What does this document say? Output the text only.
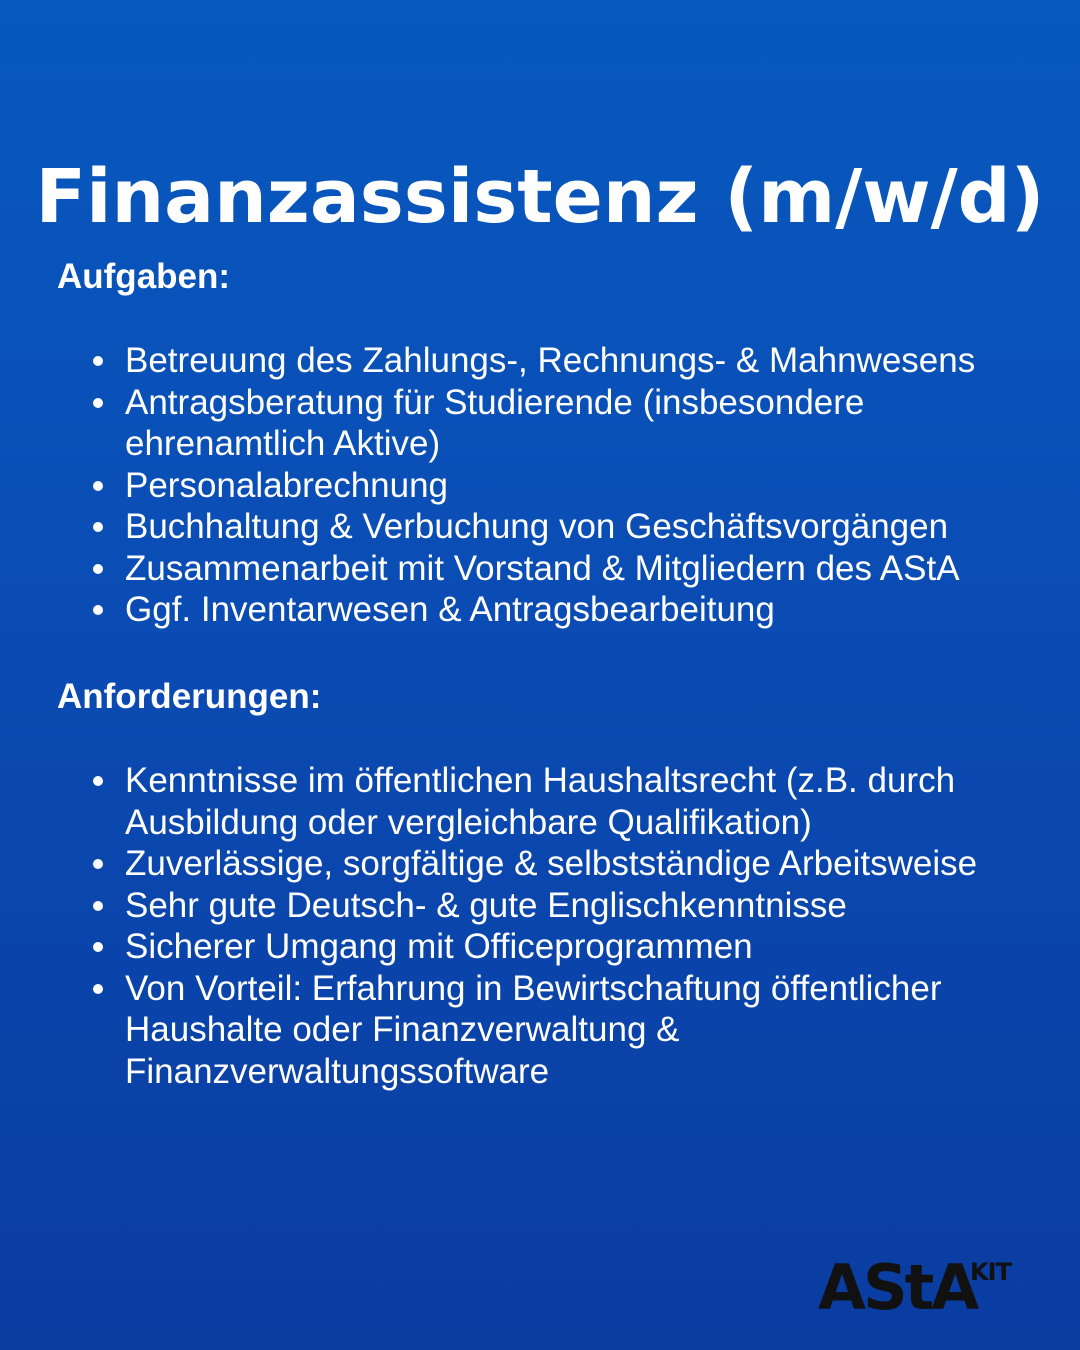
Finanzassistenz (m/w/d)
Aufgaben:
Betreuung des Zahlungs-, Rechnungs- & Mahnwesens
Antragsberatung für Studierende (insbesondere ehrenamtlich Aktive)
Personalabrechnung
Buchhaltung & Verbuchung von Geschäftsvorgängen
Zusammenarbeit mit Vorstand & Mitgliedern des AStA
Ggf. Inventarwesen & Antragsbearbeitung
Anforderungen:
Kenntnisse im öffentlichen Haushaltsrecht (z.B. durch Ausbildung oder vergleichbare Qualifikation)
Zuverlässige, sorgfältige & selbstständige Arbeitsweise
Sehr gute Deutsch- & gute Englischkenntnisse
Sicherer Umgang mit Officeprogrammen
Von Vorteil: Erfahrung in Bewirtschaftung öffentlicher Haushalte oder Finanzverwaltung & Finanzverwaltungssoftware
AStA
KIT
